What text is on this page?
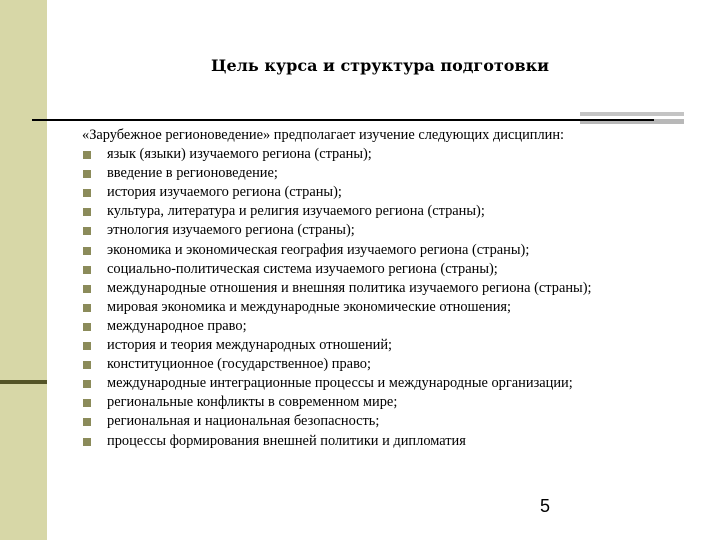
Цель курса и структура подготовки
«Зарубежное регионоведение» предполагает изучение следующих дисциплин:
язык (языки) изучаемого региона (страны);
введение в регионоведение;
история изучаемого региона (страны);
культура, литература и религия изучаемого региона (страны);
этнология изучаемого региона (страны);
экономика и экономическая география изучаемого региона (страны);
социально-политическая система изучаемого региона (страны);
международные отношения и внешняя политика изучаемого региона (страны);
мировая экономика и международные экономические отношения;
международное право;
история и теория международных отношений;
конституционное (государственное) право;
международные интеграционные процессы и международные организации;
региональные конфликты в современном мире;
региональная и национальная безопасность;
процессы формирования внешней политики и дипломатия
5
